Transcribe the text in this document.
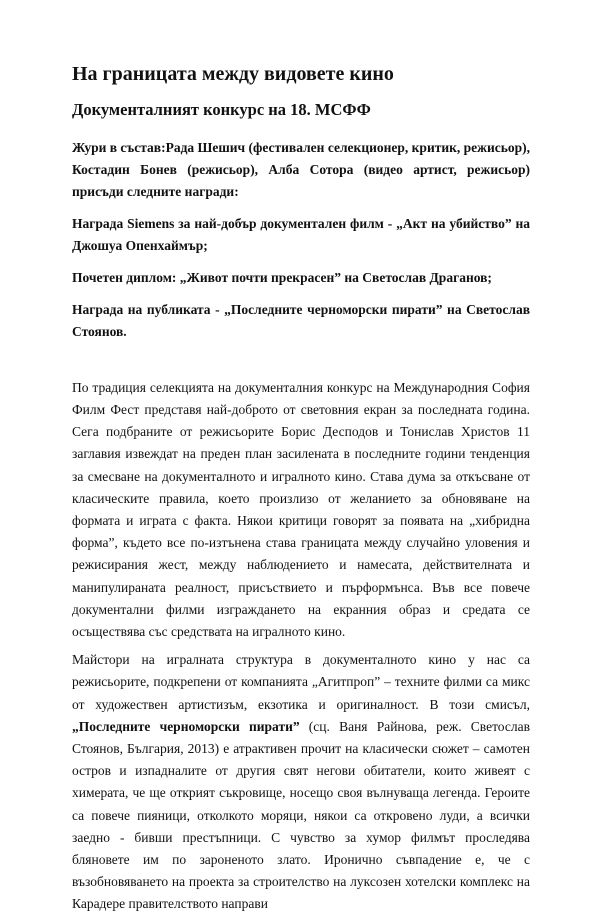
На границата между видовете кино
Документалният конкурс на 18. МСФФ

Жури в състав:Рада Шешич (фестивален селекционер, критик, режисьор), Костадин Бонев (режисьор), Алба Сотора (видео артист, режисьор) присъди следните награди:

Награда Siemens за най-добър документален филм - „Акт на убийство” на Джошуа Опенхаймър;

Почетен диплом: „Живот почти прекрасен” на Светослав Драганов;

Награда на публиката - „Последните черноморски пирати” на Светослав Стоянов.

По традиция селекцията на документалния конкурс на Международния София Филм Фест представя най-доброто от световния екран за последната година. Сега подбраните от режисьорите Борис Десподов и Тонислав Христов 11 заглавия извеждат на преден план засилената в последните години тенденция за смесване на документалното и игралното кино. Става дума за откъсване от класическите правила, което произлизо от желанието за обновяване на формата и играта с факта. Някои критици говорят за появата на „хибридна форма”, където все по-изтънена става границата между случайно уловения и режисирания жест, между наблюдението и намесата, действителната и манипулираната реалност, присъствието и пърформънса. Във все повече документални филми изграждането на екранния образ и средата се осъществява със средствата на игралното кино.

Майстори на игралната структура в документалното кино у нас са режисьорите, подкрепени от компанията „Агитпроп” – техните филми са микс от художествен артистизъм, екзотика и оригиналност. В този смисъл, „Последните черноморски пирати” (сц. Ваня Райнова, реж. Светослав Стоянов, България, 2013) е атрактивен прочит на класически сюжет – самотен остров и изпадналите от другия свят негови обитатели, които живеят с химерата, че ще открият съкровище, носещо своя вълнуваща легенда. Героите са повече пияници, отколкото моряци, някои са откровено луди, а всички заедно - бивши престъпници. С чувство за хумор филмът проследява блянoвете им по зароненото злато. Иронично съвпадение е, че с възобновяването на проекта за строителство на луксозен хотелски комплекс на Карадере правителството направи
